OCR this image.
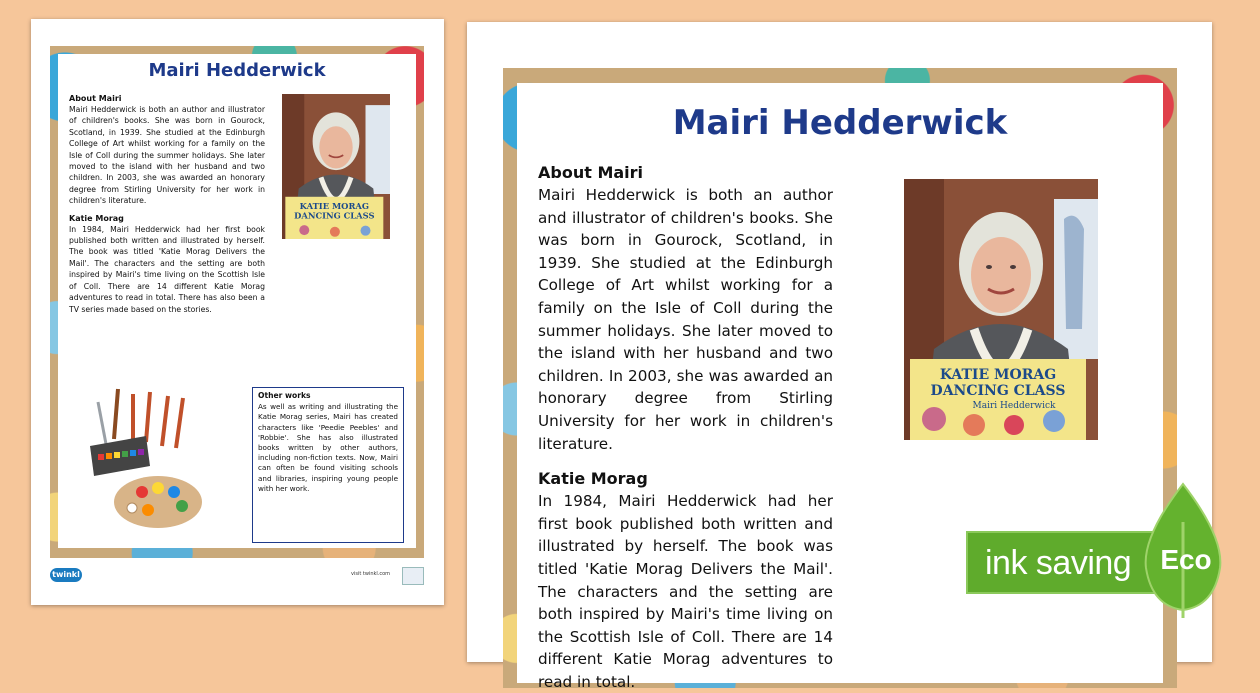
Mairi Hedderwick
About Mairi

Mairi Hedderwick is both an author and illustrator of children's books. She was born in Gourock, Scotland, in 1939. She studied at the Edinburgh College of Art whilst working for a family on the Isle of Coll during the summer holidays. She later moved to the island with her husband and two children. In 2003, she was awarded an honorary degree from Stirling University for her work in children's literature.

Katie Morag

In 1984, Mairi Hedderwick had her first book published both written and illustrated by herself. The book was titled 'Katie Morag Delivers the Mail'. The characters and the setting are both inspired by Mairi's time living on the Scottish Isle of Coll. There are 14 different Katie Morag adventures to read in total. There has also been a TV series made based on the stories.

KATIE MORAG
DANCING CLASS
Other works

As well as writing and illustrating the Katie Morag series, Mairi has created characters like 'Peedie Peebles' and 'Robbie'. She has also illustrated books written by other authors, including non-fiction texts. Now, Mairi can often be found visiting schools and libraries, inspiring young people with her work.

twinkl	visit twinkl.com
Mairi Hedderwick
About Mairi

Mairi Hedderwick is both an author and illustrator of children's books. She was born in Gourock, Scotland, in 1939. She studied at the Edinburgh College of Art whilst working for a family on the Isle of Coll during the summer holidays. She later moved to the island with her husband and two children. In 2003, she was awarded an honorary degree from Stirling University for her work in children's literature.

Katie Morag

In 1984, Mairi Hedderwick had her first book published both written and illustrated by herself. The book was titled 'Katie Morag Delivers the Mail'. The characters and the setting are both inspired by Mairi's time living on the Scottish Isle of Coll. There are 14 different Katie Morag adventures to read in total.

KATIE MORAG
DANCING CLASS
Mairi Hedderwick
ink saving Eco
